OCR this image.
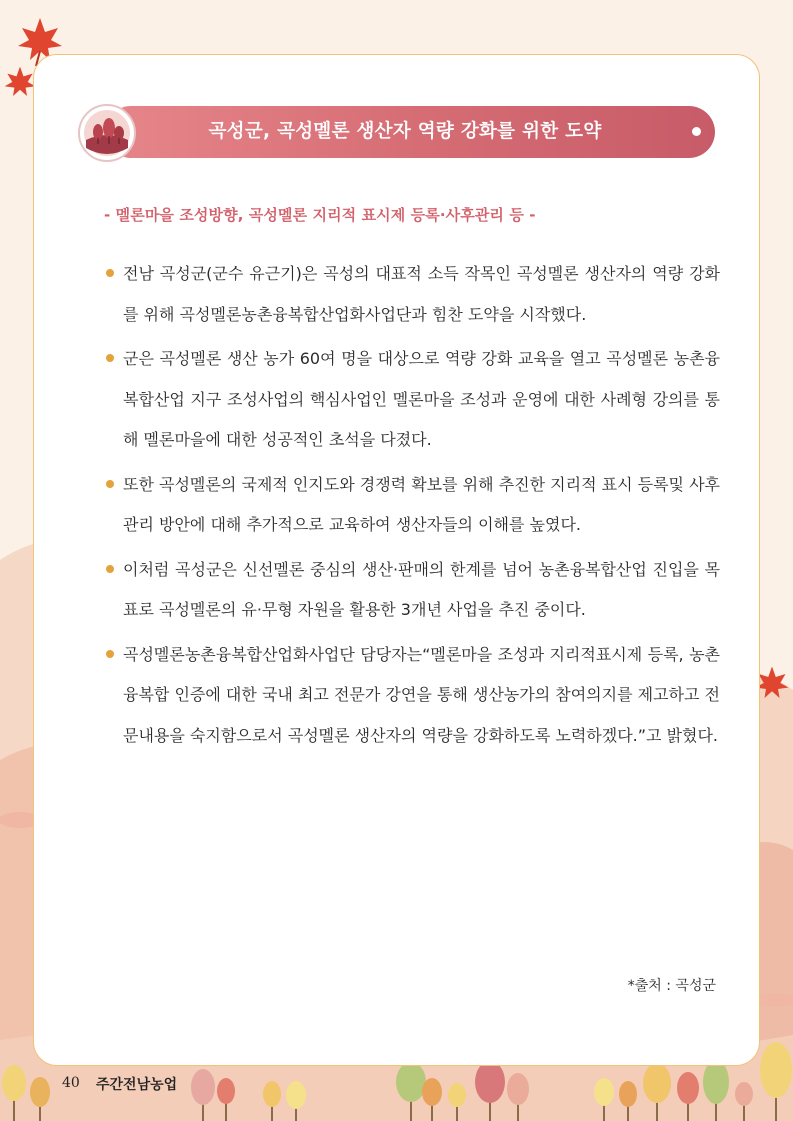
곡성군, 곡성멜론 생산자 역량 강화를 위한 도약
- 멜론마을 조성방향, 곡성멜론 지리적 표시제 등록·사후관리 등 -
전남 곡성군(군수 유근기)은 곡성의 대표적 소득 작목인 곡성멜론 생산자의 역량 강화를 위해 곡성멜론농촌융복합산업화사업단과 힘찬 도약을 시작했다.
군은 곡성멜론 생산 농가 60여 명을 대상으로 역량 강화 교육을 열고 곡성멜론 농촌융복합산업 지구 조성사업의 핵심사업인 멜론마을 조성과 운영에 대한 사례형 강의를 통해 멜론마을에 대한 성공적인 초석을 다졌다.
또한 곡성멜론의 국제적 인지도와 경쟁력 확보를 위해 추진한 지리적 표시 등록및 사후 관리 방안에 대해 추가적으로 교육하여 생산자들의 이해를 높였다.
이처럼 곡성군은 신선멜론 중심의 생산·판매의 한계를 넘어 농촌융복합산업 진입을 목표로 곡성멜론의 유·무형 자원을 활용한 3개년 사업을 추진 중이다.
곡성멜론농촌융복합산업화사업단 담당자는“멜론마을 조성과 지리적표시제 등록, 농촌융복합 인증에 대한 국내 최고 전문가 강연을 통해 생산농가의 참여의지를 제고하고 전문내용을 숙지함으로서 곡성멜론 생산자의 역량을 강화하도록 노력하겠다.”고 밝혔다.
*출처 : 곡성군
40 주간전남농업
